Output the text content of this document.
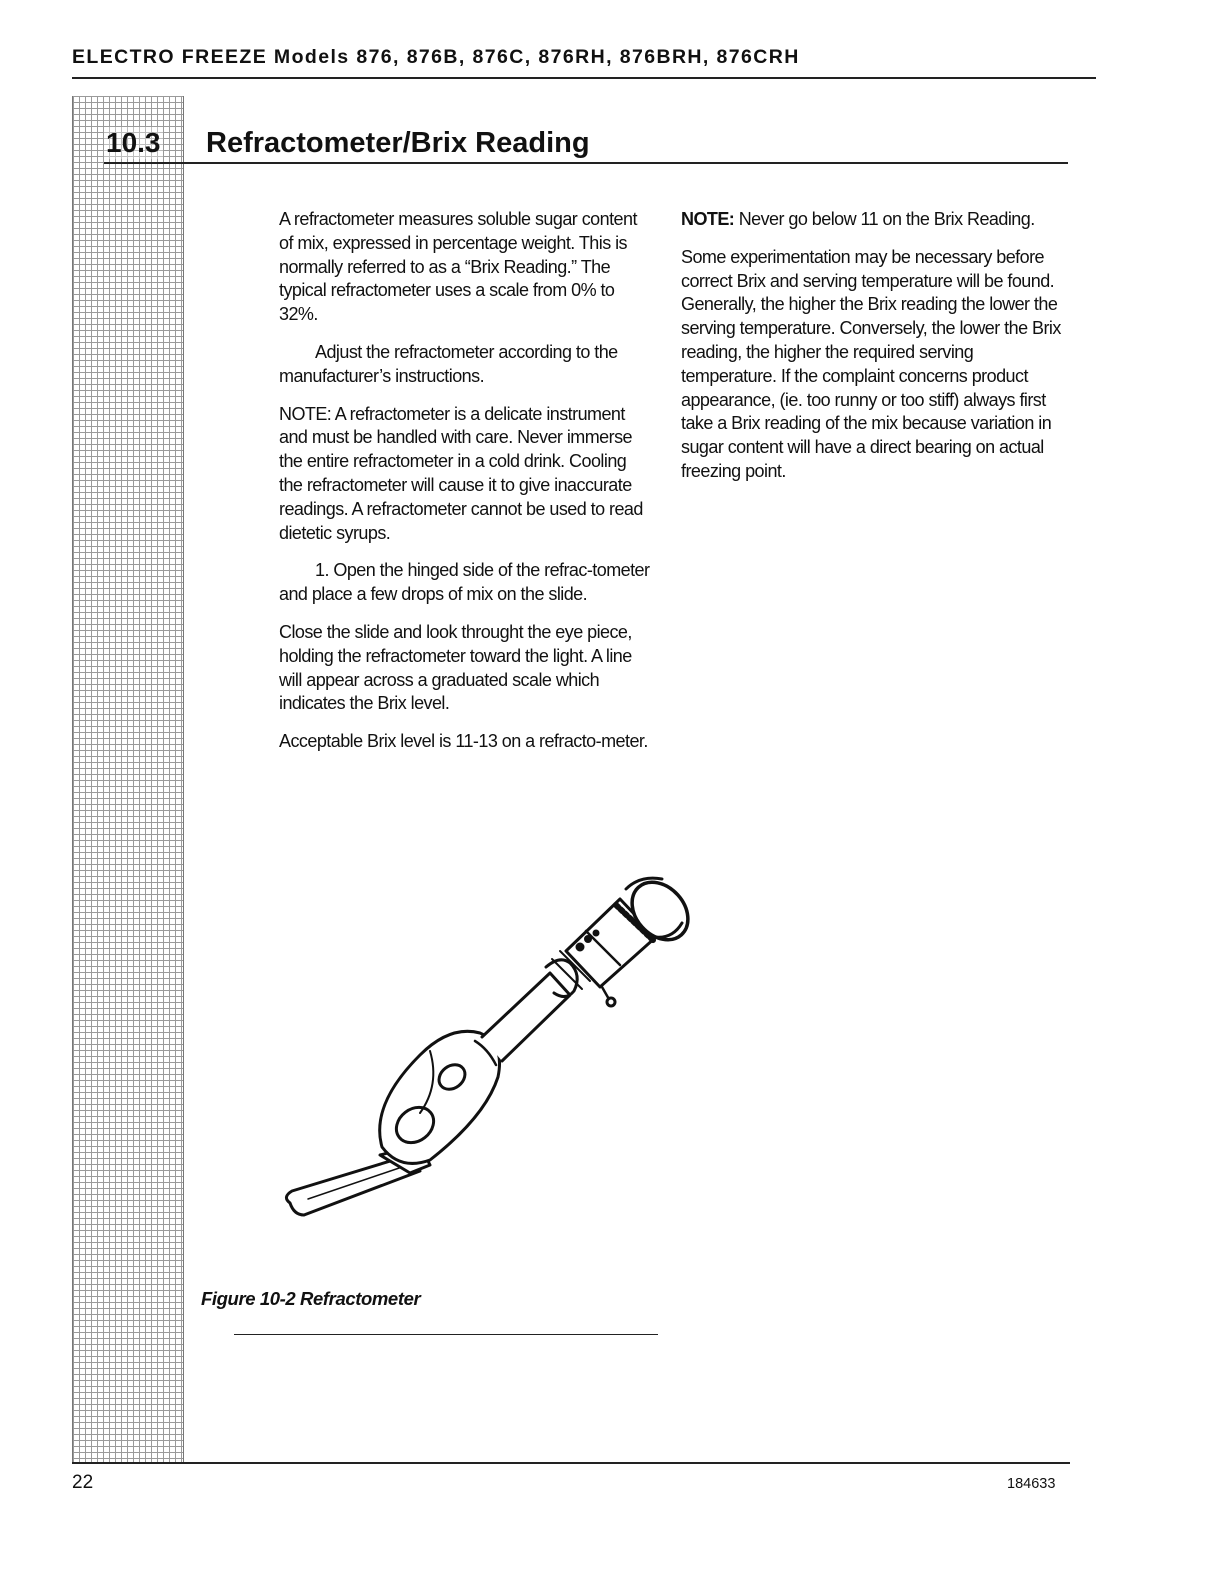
ELECTRO FREEZE Models 876, 876B, 876C, 876RH, 876BRH, 876CRH
10.3 Refractometer/Brix Reading

A refractometer measures soluble sugar content of mix, expressed in percentage weight. This is normally referred to as a “Brix Reading.” The typical refractometer uses a scale from 0% to 32%.

Adjust the refractometer according to the manufacturer’s instructions.

NOTE: A refractometer is a delicate instrument and must be handled with care. Never immerse the entire refractometer in a cold drink. Cooling the refractometer will cause it to give inaccurate readings. A refractometer cannot be used to read dietetic syrups.

1. Open the hinged side of the refrac-tometer and place a few drops of mix on the slide.

Close the slide and look throught the eye piece, holding the refractometer toward the light. A line will appear across a graduated scale which indicates the Brix level.

Acceptable Brix level is 11-13 on a refracto-meter.

NOTE: Never go below 11 on the Brix Reading.

Some experimentation may be necessary before correct Brix and serving temperature will be found. Generally, the higher the Brix reading the lower the serving temperature. Conversely, the lower the Brix reading, the higher the required serving temperature. If the complaint concerns product appearance, (ie. too runny or too stiff) always first take a Brix reading of the mix because variation in sugar content will have a direct bearing on actual freezing point.

Figure 10-2 Refractometer
22	184633
